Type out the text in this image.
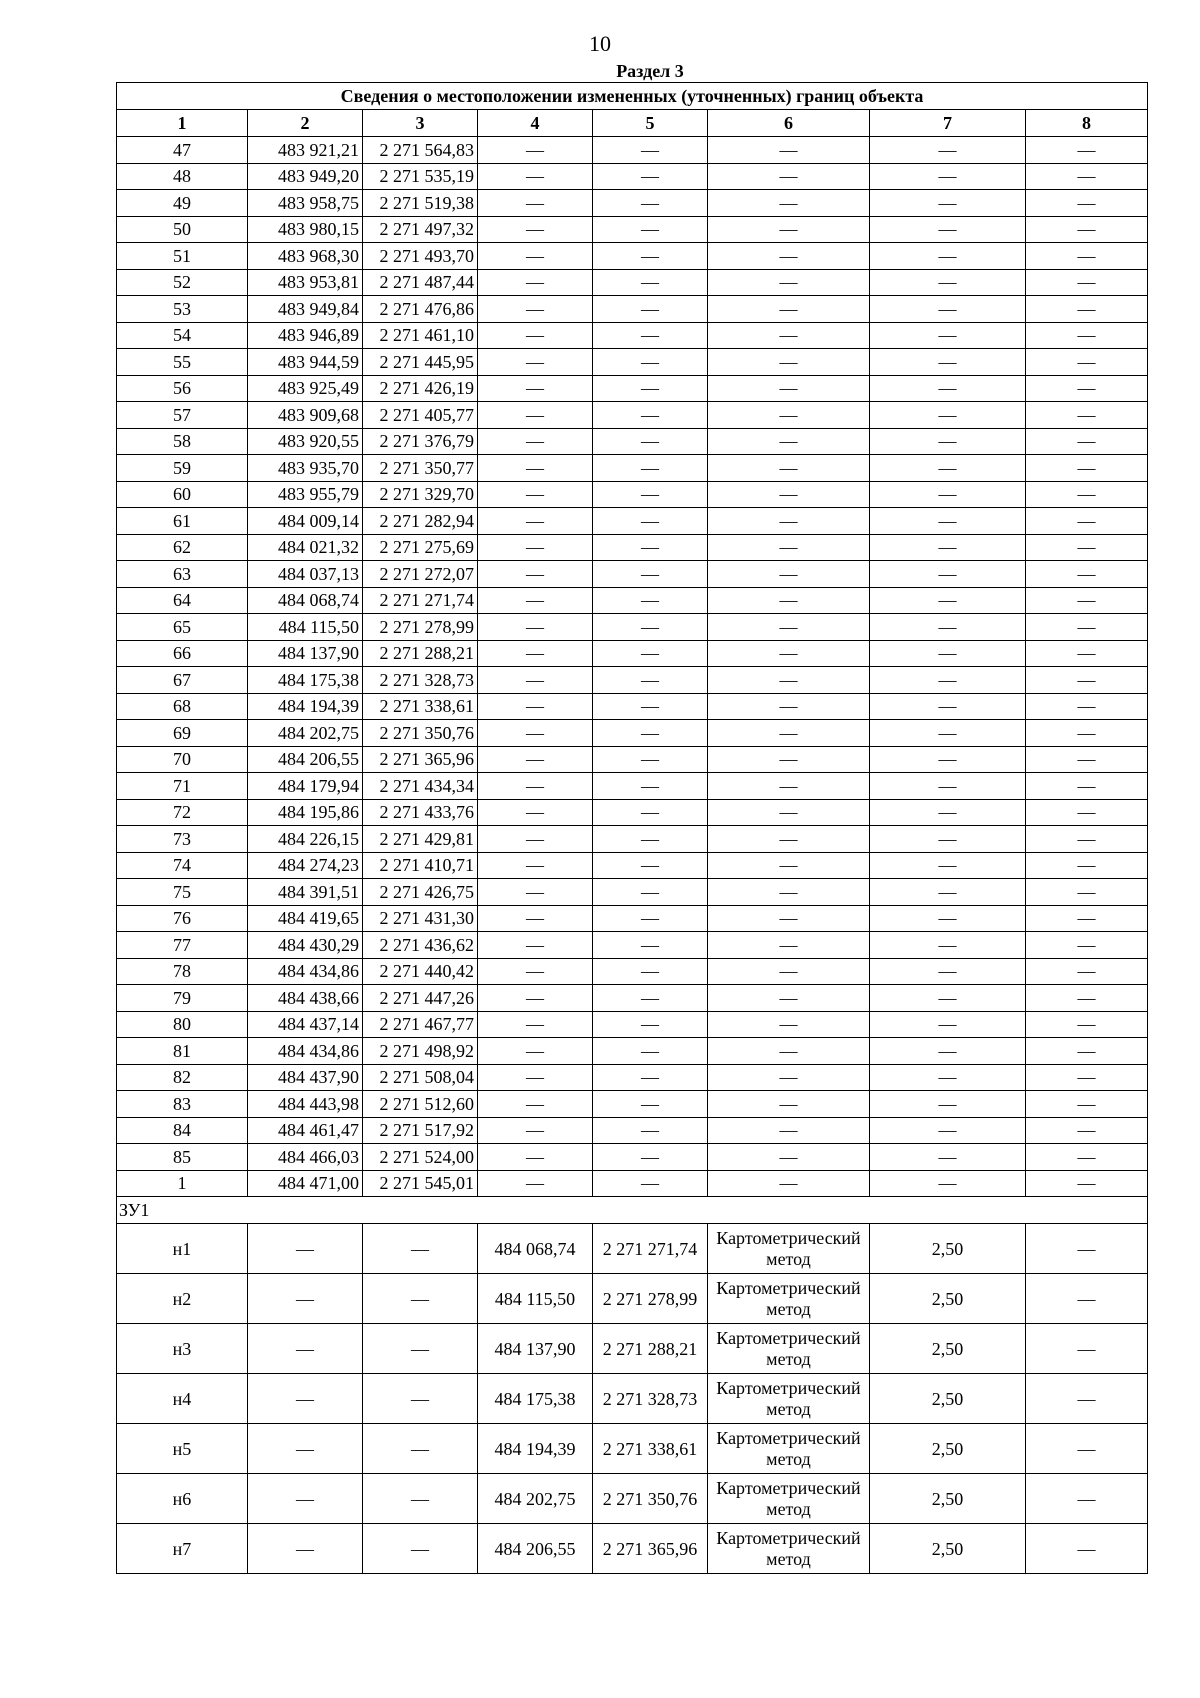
10
Раздел 3
Сведения о местоположении измененных (уточненных) границ объекта							
1	2	3	4	5	6	7	8
47	483 921,21	2 271 564,83	—	—	—	—	—
48	483 949,20	2 271 535,19	—	—	—	—	—
49	483 958,75	2 271 519,38	—	—	—	—	—
50	483 980,15	2 271 497,32	—	—	—	—	—
51	483 968,30	2 271 493,70	—	—	—	—	—
52	483 953,81	2 271 487,44	—	—	—	—	—
53	483 949,84	2 271 476,86	—	—	—	—	—
54	483 946,89	2 271 461,10	—	—	—	—	—
55	483 944,59	2 271 445,95	—	—	—	—	—
56	483 925,49	2 271 426,19	—	—	—	—	—
57	483 909,68	2 271 405,77	—	—	—	—	—
58	483 920,55	2 271 376,79	—	—	—	—	—
59	483 935,70	2 271 350,77	—	—	—	—	—
60	483 955,79	2 271 329,70	—	—	—	—	—
61	484 009,14	2 271 282,94	—	—	—	—	—
62	484 021,32	2 271 275,69	—	—	—	—	—
63	484 037,13	2 271 272,07	—	—	—	—	—
64	484 068,74	2 271 271,74	—	—	—	—	—
65	484 115,50	2 271 278,99	—	—	—	—	—
66	484 137,90	2 271 288,21	—	—	—	—	—
67	484 175,38	2 271 328,73	—	—	—	—	—
68	484 194,39	2 271 338,61	—	—	—	—	—
69	484 202,75	2 271 350,76	—	—	—	—	—
70	484 206,55	2 271 365,96	—	—	—	—	—
71	484 179,94	2 271 434,34	—	—	—	—	—
72	484 195,86	2 271 433,76	—	—	—	—	—
73	484 226,15	2 271 429,81	—	—	—	—	—
74	484 274,23	2 271 410,71	—	—	—	—	—
75	484 391,51	2 271 426,75	—	—	—	—	—
76	484 419,65	2 271 431,30	—	—	—	—	—
77	484 430,29	2 271 436,62	—	—	—	—	—
78	484 434,86	2 271 440,42	—	—	—	—	—
79	484 438,66	2 271 447,26	—	—	—	—	—
80	484 437,14	2 271 467,77	—	—	—	—	—
81	484 434,86	2 271 498,92	—	—	—	—	—
82	484 437,90	2 271 508,04	—	—	—	—	—
83	484 443,98	2 271 512,60	—	—	—	—	—
84	484 461,47	2 271 517,92	—	—	—	—	—
85	484 466,03	2 271 524,00	—	—	—	—	—
1	484 471,00	2 271 545,01	—	—	—	—	—
ЗУ1							
н1	—	—	484 068,74	2 271 271,74	Картометрический метод	2,50	—
н2	—	—	484 115,50	2 271 278,99	Картометрический метод	2,50	—
н3	—	—	484 137,90	2 271 288,21	Картометрический метод	2,50	—
н4	—	—	484 175,38	2 271 328,73	Картометрический метод	2,50	—
н5	—	—	484 194,39	2 271 338,61	Картометрический метод	2,50	—
н6	—	—	484 202,75	2 271 350,76	Картометрический метод	2,50	—
н7	—	—	484 206,55	2 271 365,96	Картометрический метод	2,50	—
